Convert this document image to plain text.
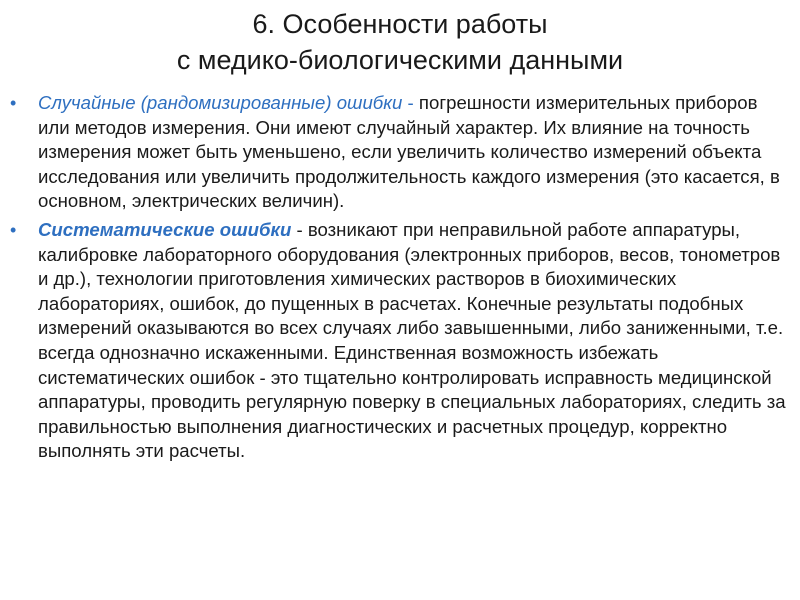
6. Особенности работы
с медико-биологическими данными
• Случайные (рандомизированные) ошибки - погрешности измерительных приборов или методов измерения. Они имеют случайный характер. Их влияние на точность измерения может быть уменьшено, если увеличить количество измерений объекта исследования или увеличить продолжительность каждого измерения (это касается, в основном, электрических величин).
• Систематические ошибки - возникают при неправильной работе аппаратуры, калибровке лабораторного оборудования (электронных приборов, весов, тонометров и др.), технологии приготовления химических растворов в биохимических лабораториях, ошибок, до пущенных в расчетах. Конечные результаты подобных измерений оказываются во всех случаях либо завышенными, либо заниженными, т.е. всегда однозначно искаженными. Единственная возможность избежать систематических ошибок - это тщательно контролировать исправность медицинской аппаратуры, проводить регулярную поверку в специальных лабораториях, следить за правильностью выполнения диагностических и расчетных процедур, корректно выполнять эти расчеты.
